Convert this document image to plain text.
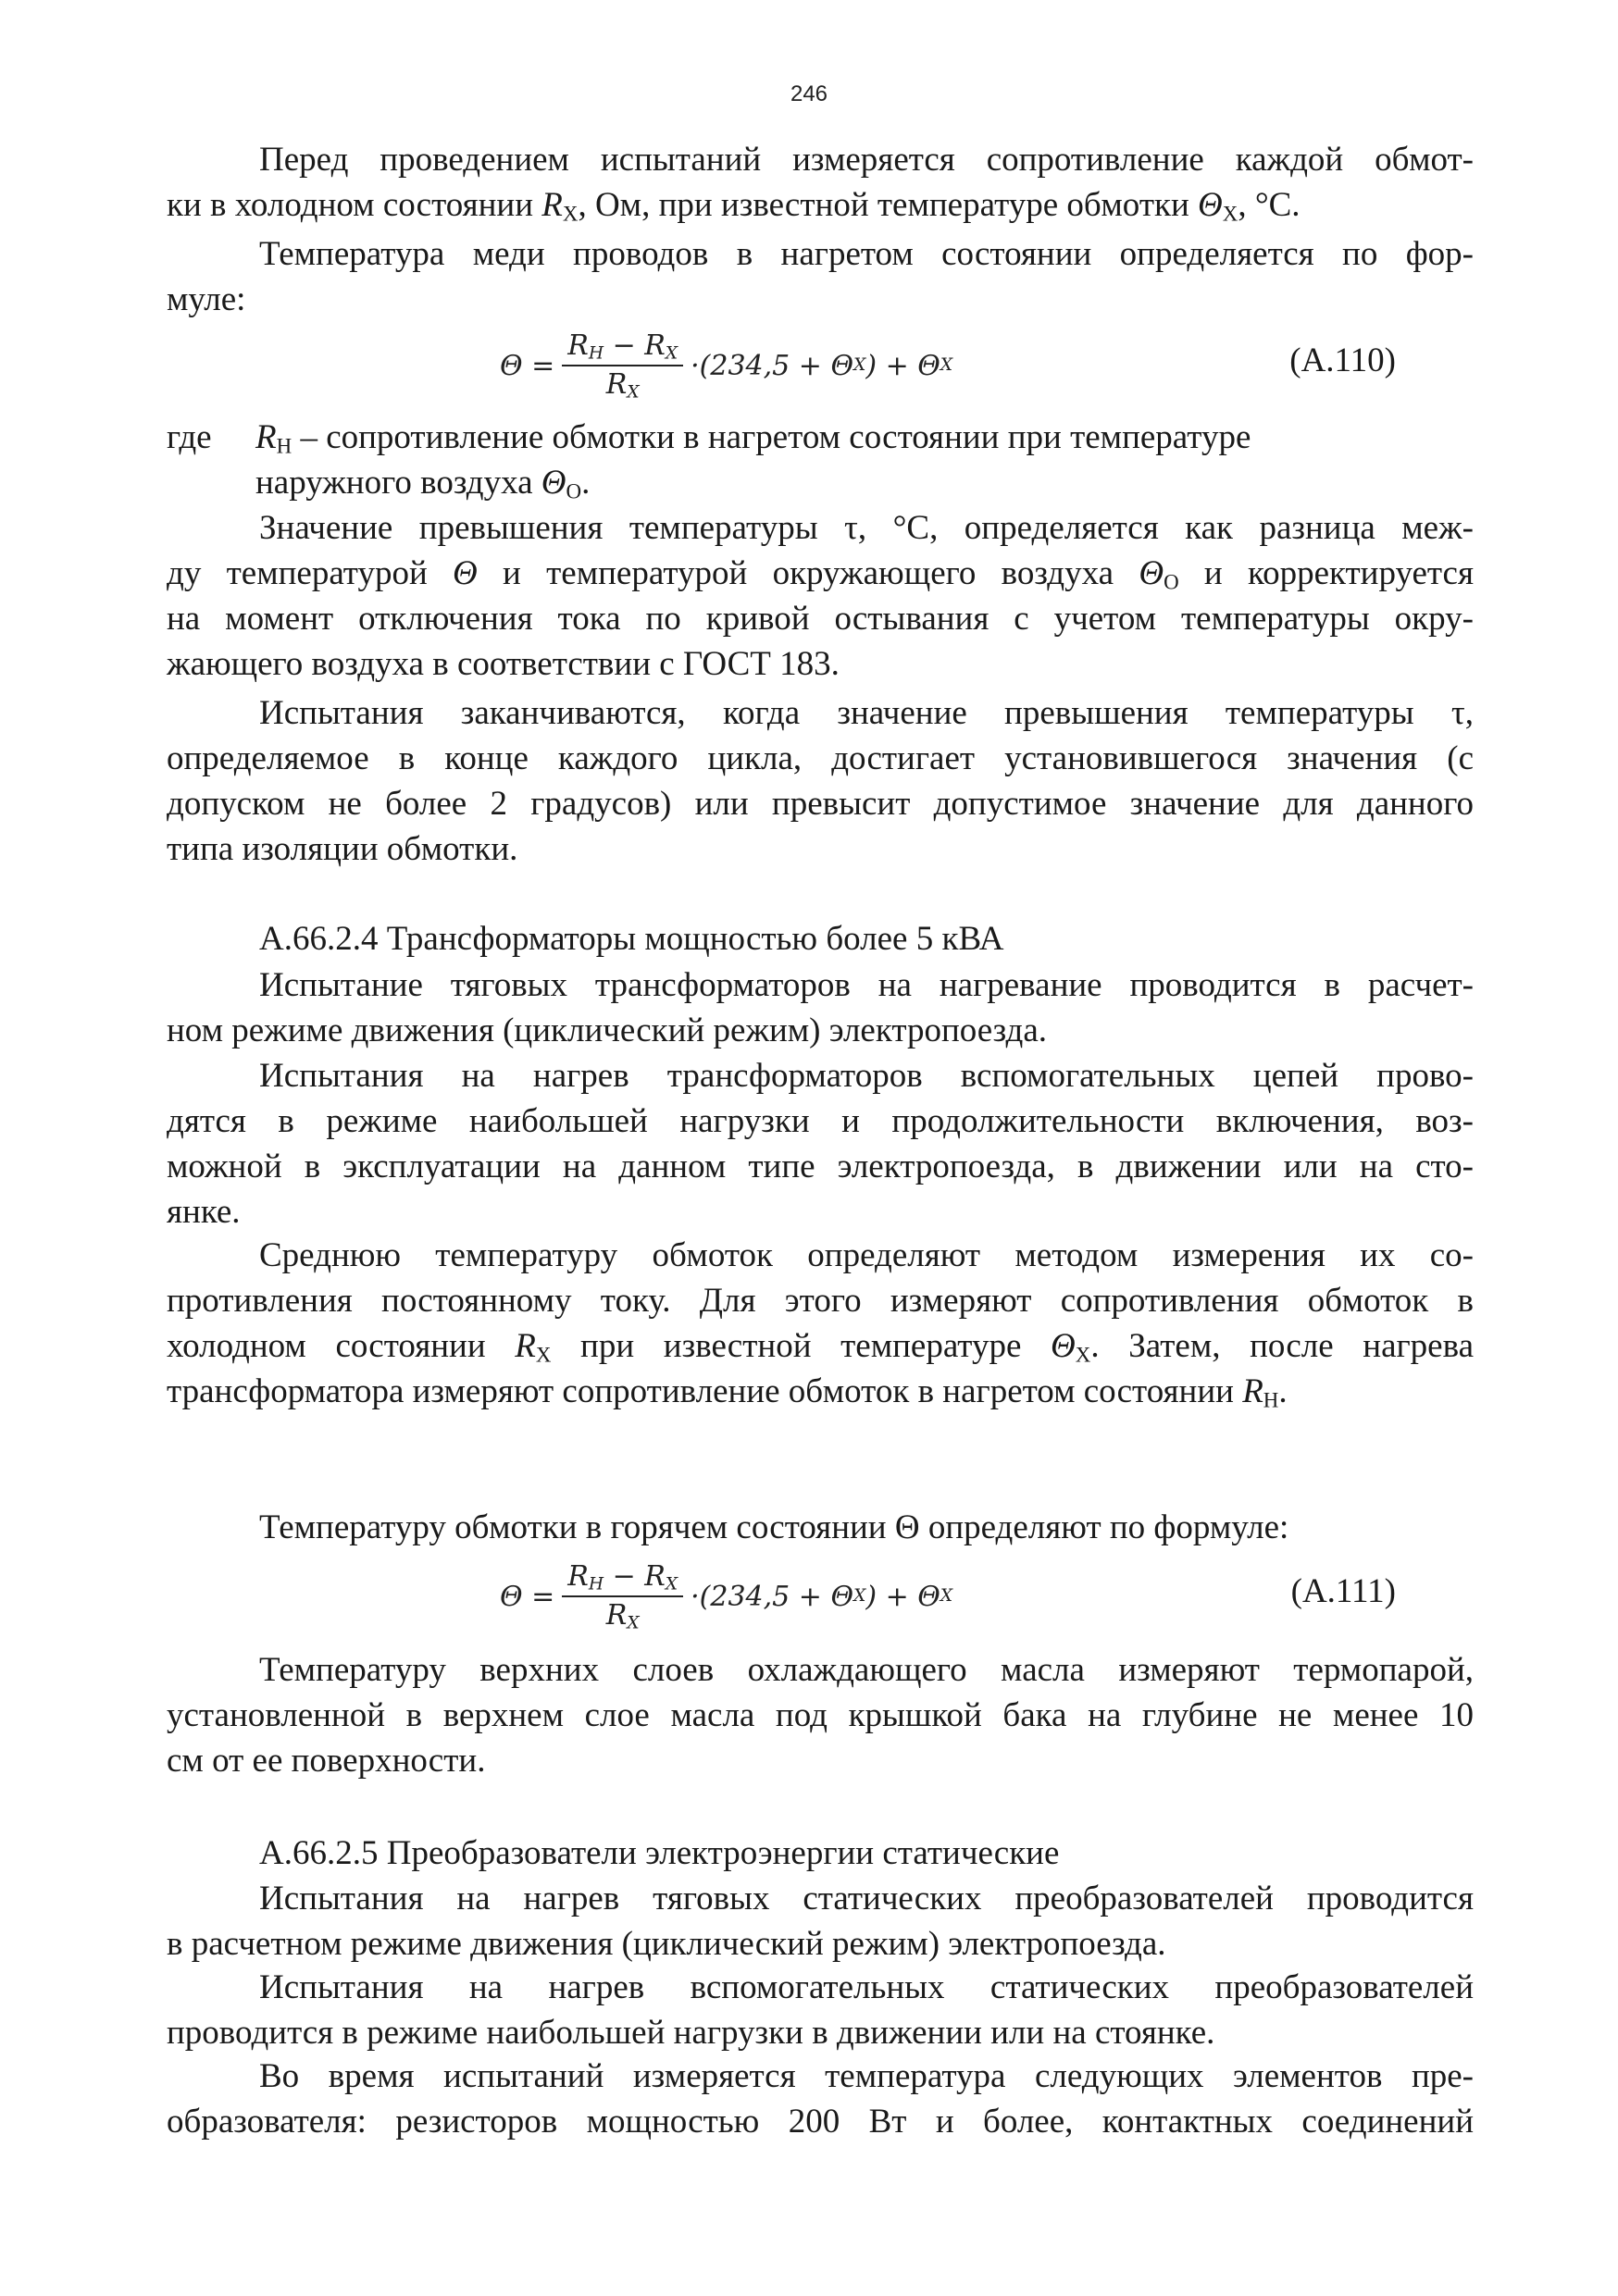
246
Перед проведением испытаний измеряется сопротивление каждой обмот-
ки в холодном состоянии $R_X$, Ом, при известной температуре обмотки $\Theta_X$, °С.
Температура меди проводов в нагретом состоянии определяется по фор-
муле:
$\Theta = \frac{R_H - R_X}{R_X} \cdot(234,5 + \Theta$ X ) + Θ X	(А.110)
где $R_H$ – сопротивление обмотки в нагретом состоянии при температуре
наружного воздуха $\Theta_O$.
Значение превышения температуры τ, °С, определяется как разница меж-
ду температурой Θ и температурой окружающего воздуха $\Theta_O$ и корректируется
на момент отключения тока по кривой остывания с учетом температуры окру-
жающего воздуха в соответствии с ГОСТ 183.
Испытания заканчиваются, когда значение превышения температуры τ,
определяемое в конце каждого цикла, достигает установившегося значения (с
допуском не более 2 градусов) или превысит допустимое значение для данного
типа изоляции обмотки.
А.66.2.4 Трансформаторы мощностью более 5 кВА
Испытание тяговых трансформаторов на нагревание проводится в расчет-
ном режиме движения (циклический режим) электропоезда.
Испытания на нагрев трансформаторов вспомогательных цепей прово-
дятся в режиме наибольшей нагрузки и продолжительности включения, воз-
можной в эксплуатации на данном типе электропоезда, в движении или на сто-
янке.
Среднюю температуру обмоток определяют методом измерения их со-
противления постоянному току. Для этого измеряют сопротивления обмоток в
холодном состоянии $R_X$ при известной температуре $\Theta_X$. Затем, после нагрева
трансформатора измеряют сопротивление обмоток в нагретом состоянии $R_H$.
Температуру обмотки в горячем состоянии Θ определяют по формуле:
$\Theta = \frac{R_H - R_X}{R_X} \cdot(234,5 + \Theta$ X ) + Θ X	(А.111)
Температуру верхних слоев охлаждающего масла измеряют термопарой,
установленной в верхнем слое масла под крышкой бака на глубине не менее 10
см от ее поверхности.
А.66.2.5 Преобразователи электроэнергии статические
Испытания на нагрев тяговых статических преобразователей проводится
в расчетном режиме движения (циклический режим) электропоезда.
Испытания на нагрев вспомогательных статических преобразователей
проводится в режиме наибольшей нагрузки в движении или на стоянке.
Во время испытаний измеряется температура следующих элементов пре-
образователя: резисторов мощностью 200 Вт и более, контактных соединений
